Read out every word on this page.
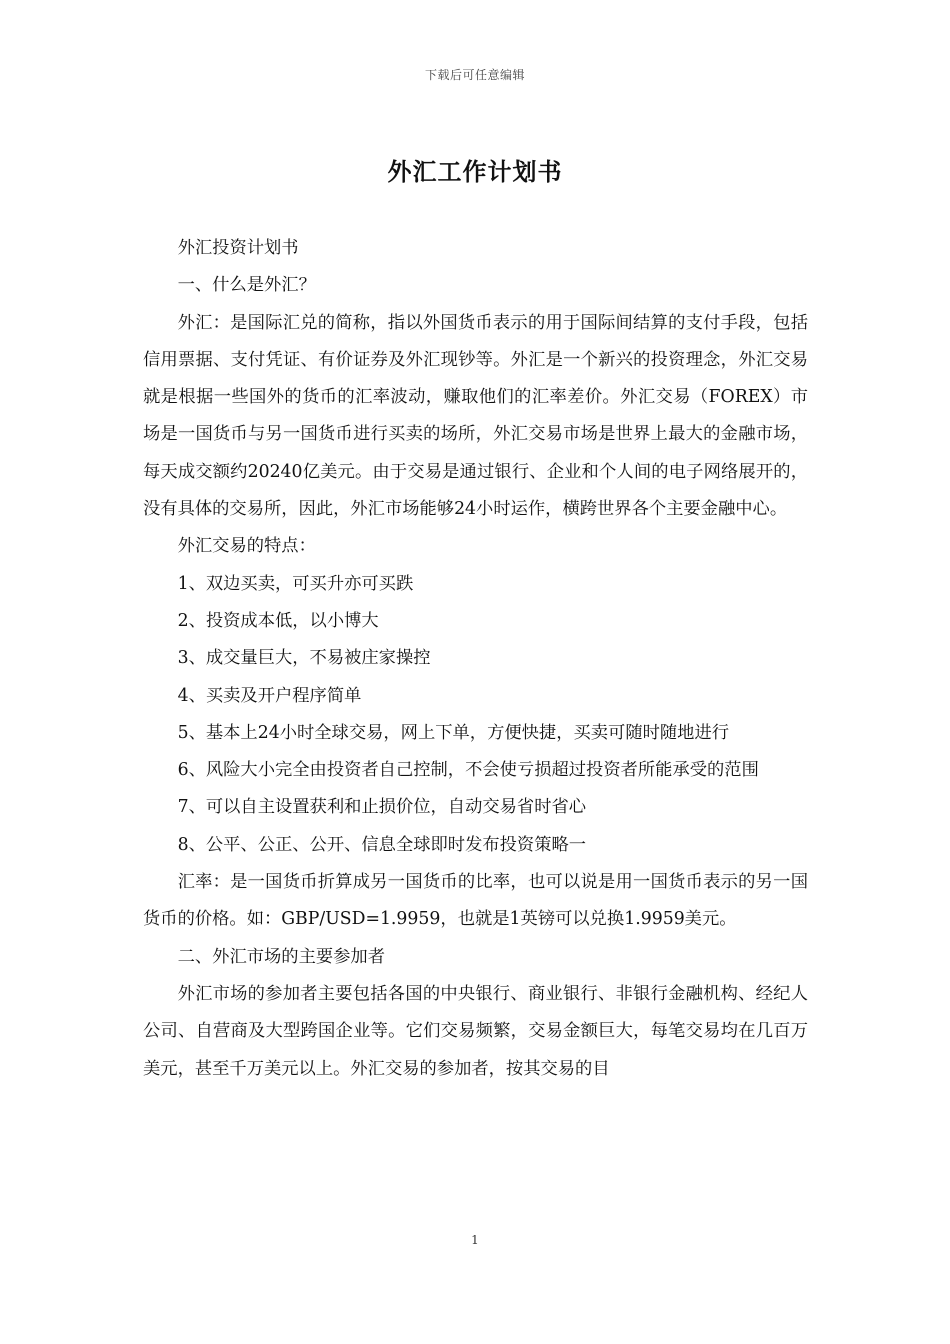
下载后可任意编辑
外汇工作计划书

外汇投资计划书

一、什么是外汇？

外汇：是国际汇兑的简称，指以外国货币表示的用于国际间结算的支付手段，包括信用票据、支付凭证、有价证券及外汇现钞等。外汇是一个新兴的投资理念，外汇交易就是根据一些国外的货币的汇率波动，赚取他们的汇率差价。外汇交易（FOREX）市场是一国货币与另一国货币进行买卖的场所，外汇交易市场是世界上最大的金融市场，每天成交额约20240亿美元。由于交易是通过银行、企业和个人间的电子网络展开的，没有具体的交易所，因此，外汇市场能够24小时运作，横跨世界各个主要金融中心。

外汇交易的特点：

1、双边买卖，可买升亦可买跌

2、投资成本低，以小博大

3、成交量巨大，不易被庄家操控

4、买卖及开户程序简单

5、基本上24小时全球交易，网上下单，方便快捷，买卖可随时随地进行

6、风险大小完全由投资者自己控制，不会使亏损超过投资者所能承受的范围

7、可以自主设置获利和止损价位，自动交易省时省心

8、公平、公正、公开、信息全球即时发布投资策略一

汇率：是一国货币折算成另一国货币的比率，也可以说是用一国货币表示的另一国货币的价格。如：GBP/USD=1.9959，也就是1英镑可以兑换1.9959美元。

二、外汇市场的主要参加者

外汇市场的参加者主要包括各国的中央银行、商业银行、非银行金融机构、经纪人公司、自营商及大型跨国企业等。它们交易频繁，交易金额巨大，每笔交易均在几百万美元，甚至千万美元以上。外汇交易的参加者，按其交易的目

1
